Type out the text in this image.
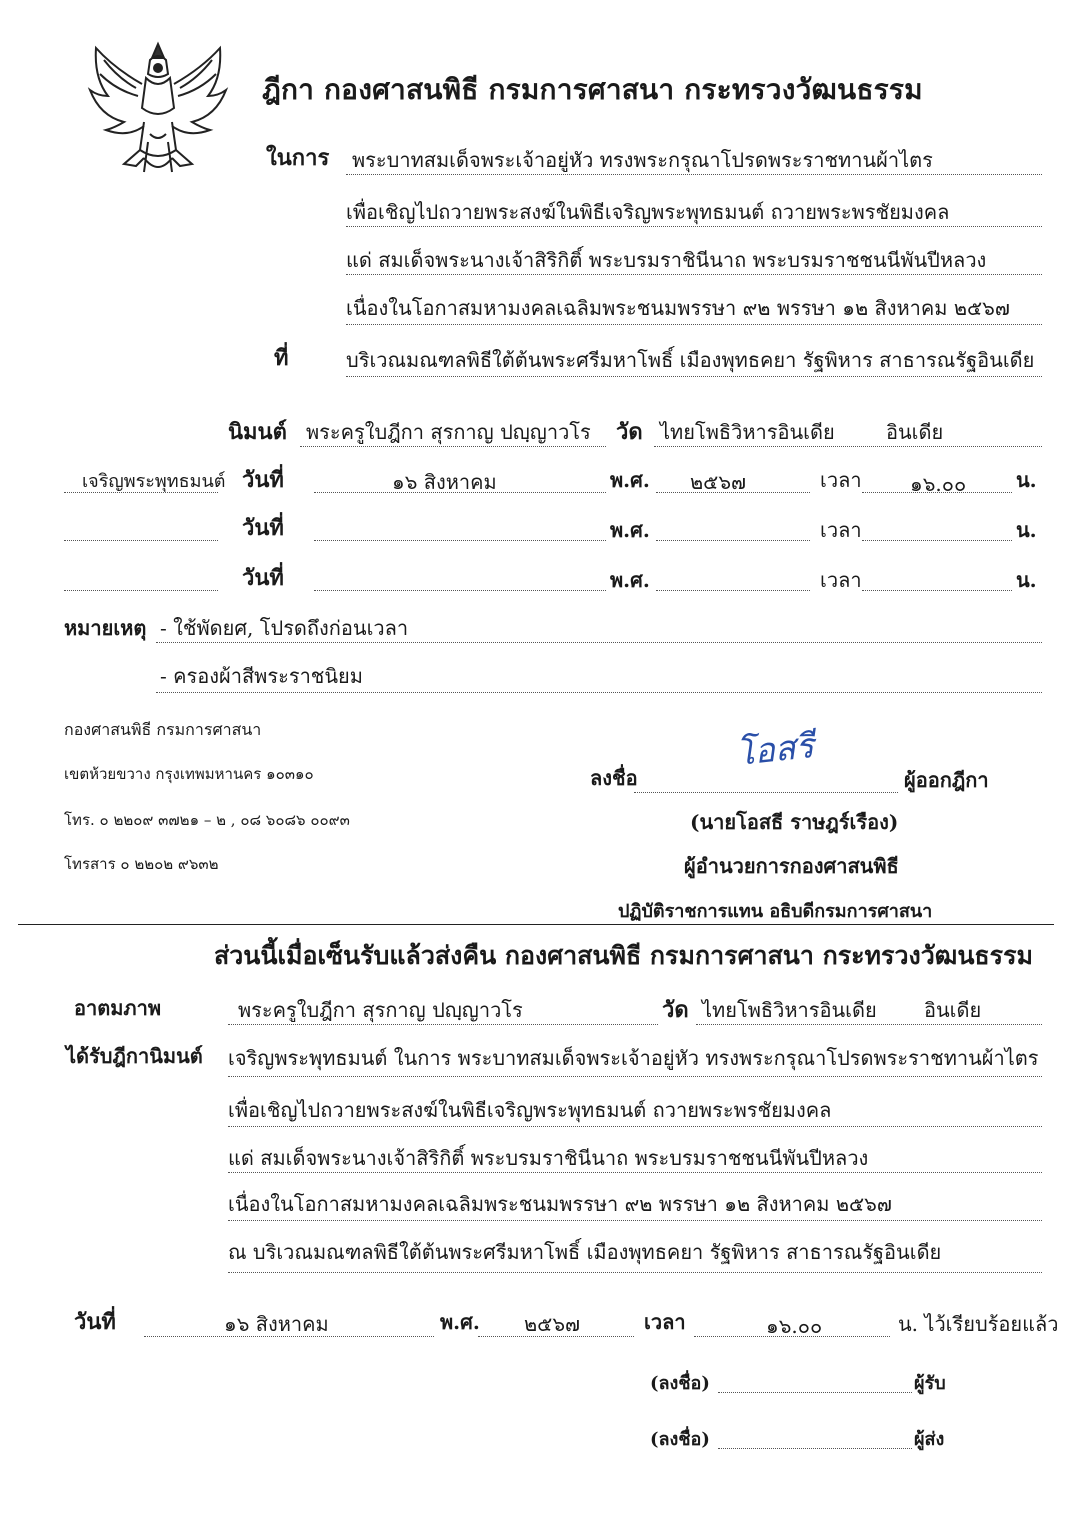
ฎีกา กองศาสนพิธี กรมการศาสนา กระทรวงวัฒนธรรม
ในการ พระบาทสมเด็จพระเจ้าอยู่หัว ทรงพระกรุณาโปรดพระราชทานผ้าไตร
เพื่อเชิญไปถวายพระสงฆ์ในพิธีเจริญพระพุทธมนต์ ถวายพระพรชัยมงคล
แด่ สมเด็จพระนางเจ้าสิริกิติ์ พระบรมราชินีนาถ พระบรมราชชนนีพันปีหลวง
เนื่องในโอกาสมหามงคลเฉลิมพระชนมพรรษา ๙๒ พรรษา ๑๒ สิงหาคม ๒๕๖๗
ที่	บริเวณมณฑลพิธีใต้ต้นพระศรีมหาโพธิ์ เมืองพุทธคยา รัฐพิหาร สาธารณรัฐอินเดีย
นิมนต์ พระครูใบฎีกา สุรกาญ ปญฺญาวโร วัด ไทยโพธิวิหารอินเดีย	อินเดีย
เจริญพระพุทธมนต์ วันที่	๑๖ สิงหาคม	พ.ศ. ๒๕๖๗	เวลา ๑๖.๐๐ น.
วันที่	พ.ศ.	เวลา	น.
วันที่	พ.ศ.	เวลา	น.
หมายเหตุ - ใช้พัดยศ, โปรดถึงก่อนเวลา
- ครองผ้าสีพระราชนิยม
กองศาสนพิธี กรมการศาสนา
เขตห้วยขวาง กรุงเทพมหานคร ๑๐๓๑๐
โทร. ๐ ๒๒๐๙ ๓๗๒๑ – ๒ , ๐๘ ๖๐๘๖ ๐๐๙๓
โทรสาร ๐ ๒๒๐๒ ๙๖๓๒
ลงชื่อ
โอสรี
ผู้ออกฎีกา
(นายโอสธี ราษฎร์เรือง)
ผู้อำนวยการกองศาสนพิธี
ปฏิบัติราชการแทน อธิบดีกรมการศาสนา
ส่วนนี้เมื่อเซ็นรับแล้วส่งคืน กองศาสนพิธี กรมการศาสนา กระทรวงวัฒนธรรม
อาตมภาพ	พระครูใบฎีกา สุรกาญ ปญฺญาวโร	วัด ไทยโพธิวิหารอินเดีย อินเดีย
ได้รับฎีกานิมนต์ เจริญพระพุทธมนต์ ในการ พระบาทสมเด็จพระเจ้าอยู่หัว ทรงพระกรุณาโปรดพระราชทานผ้าไตร
เพื่อเชิญไปถวายพระสงฆ์ในพิธีเจริญพระพุทธมนต์ ถวายพระพรชัยมงคล
แด่ สมเด็จพระนางเจ้าสิริกิติ์ พระบรมราชินีนาถ พระบรมราชชนนีพันปีหลวง
เนื่องในโอกาสมหามงคลเฉลิมพระชนมพรรษา ๙๒ พรรษา ๑๒ สิงหาคม ๒๕๖๗
ณ บริเวณมณฑลพิธีใต้ต้นพระศรีมหาโพธิ์ เมืองพุทธคยา รัฐพิหาร สาธารณรัฐอินเดีย
วันที่	๑๖ สิงหาคม	พ.ศ. ๒๕๖๗	เวลา	๑๖.๐๐	น. ไว้เรียบร้อยแล้ว
(ลงชื่อ)	ผู้รับ
(ลงชื่อ)	ผู้ส่ง
